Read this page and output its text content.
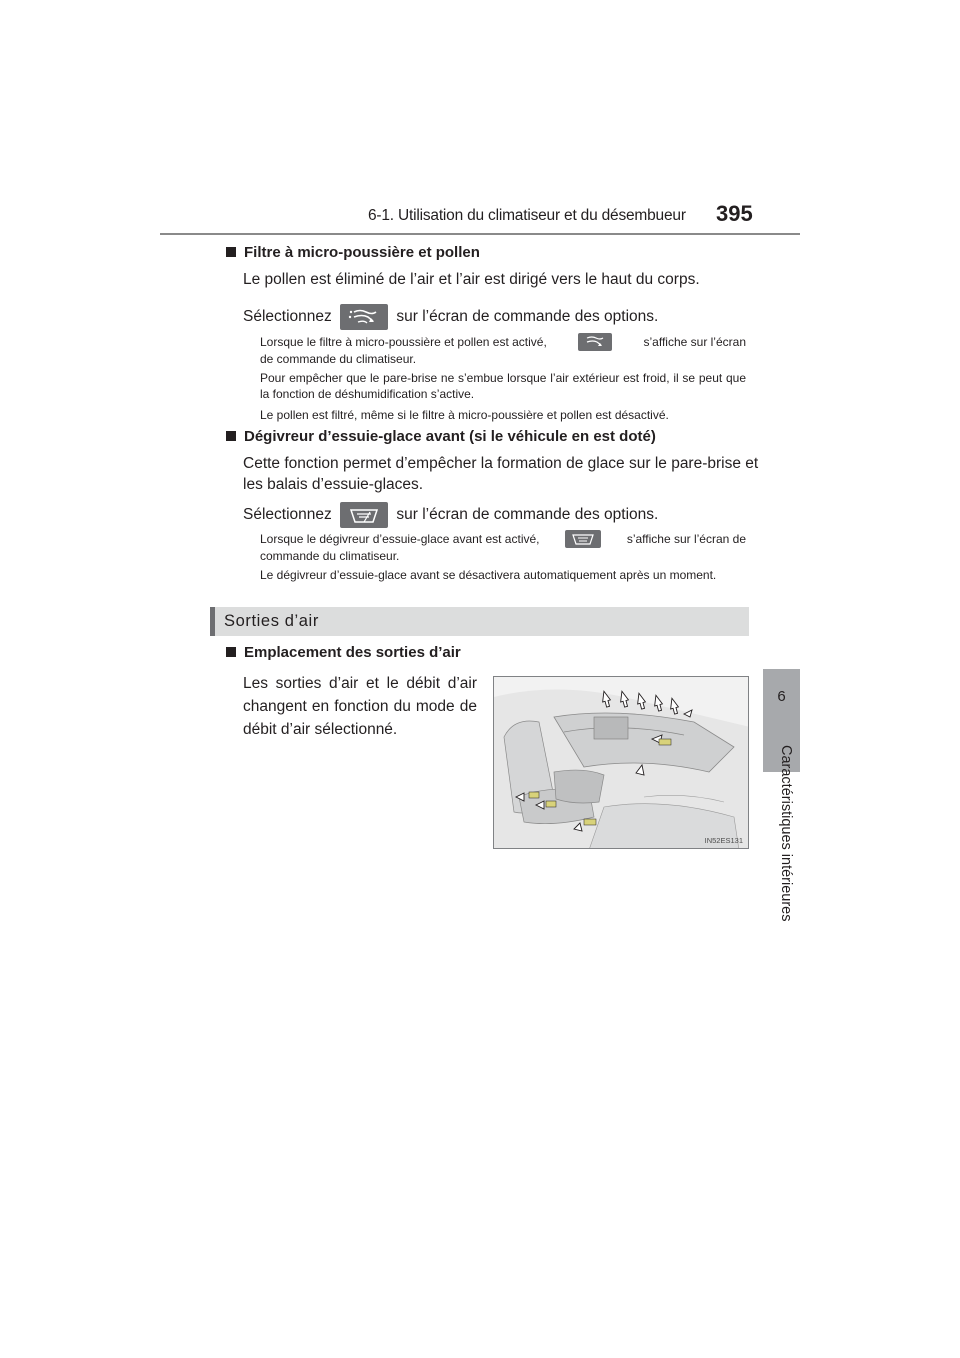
6-1. Utilisation du climatiseur et du désembueur 395
6
Caractéristiques intérieures
Filtre à micro-poussière et pollen
Le pollen est éliminé de l’air et l’air est dirigé vers le haut du corps.
Sélectionnez	sur l’écran de commande des options.
Lorsque le filtre à micro-poussière et pollen est activé,	s’affiche sur l’écran
de commande du climatiseur.
Pour empêcher que le pare-brise ne s’embue lorsque l’air extérieur est froid, il se peut que la fonction de déshumidification s’active.
Le pollen est filtré, même si le filtre à micro-poussière et pollen est désactivé.
Dégivreur d’essuie-glace avant (si le véhicule en est doté)
Cette fonction permet d’empêcher la formation de glace sur le pare-brise et
les balais d’essuie-glaces.
Sélectionnez	sur l’écran de commande des options.
Lorsque le dégivreur d’essuie-glace avant est activé,	s’affiche sur l’écran de
commande du climatiseur.
Le dégivreur d’essuie-glace avant se désactivera automatiquement après un moment.
Sorties d’air
Emplacement des sorties d’air
Les sorties d’air et le débit d’air changent en fonction du mode de débit d’air sélectionné.
IN52ES131
